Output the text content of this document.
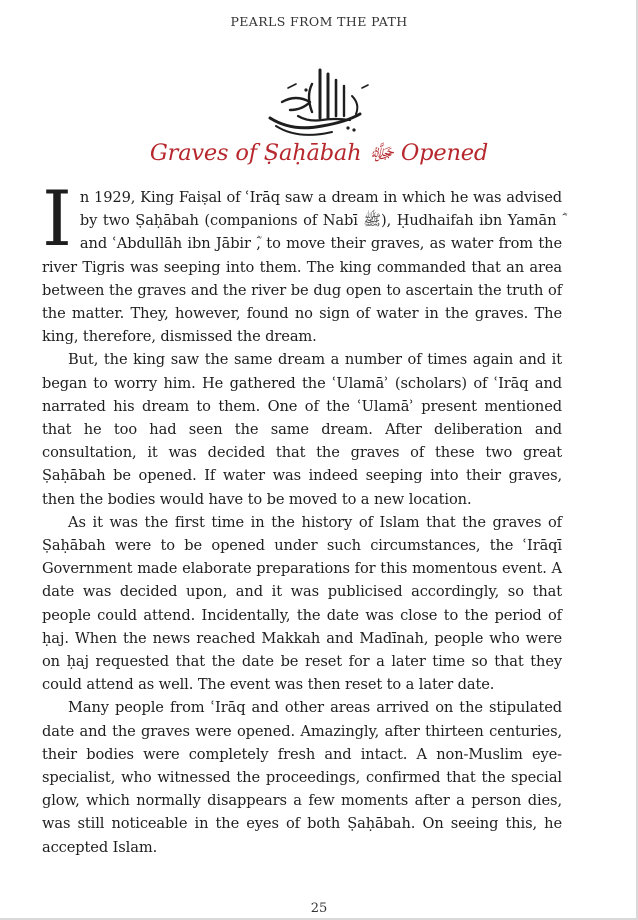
PEARLS FROM THE PATH
Graves of Ṣaḥābah ﷻ Opened

In 1929, King Faiṣal of ʿIrāq saw a dream in which he was advised by two Ṣaḥābah (companions of Nabī ﷺ), Ḥudhaifah ibn Yamān ؓ and ʿAbdullāh ibn Jābir ؓ, to move their graves, as water from the river Tigris was seeping into them. The king commanded that an area between the graves and the river be dug open to ascertain the truth of the matter. They, however, found no sign of water in the graves. The king, therefore, dismissed the dream.

But, the king saw the same dream a number of times again and it began to worry him. He gathered the ʿUlamāʾ (scholars) of ʿIrāq and narrated his dream to them. One of the ʿUlamāʾ present mentioned that he too had seen the same dream. After deliberation and consultation, it was decided that the graves of these two great Ṣaḥābah be opened. If water was indeed seeping into their graves, then the bodies would have to be moved to a new location.

As it was the first time in the history of Islam that the graves of Ṣaḥābah were to be opened under such circumstances, the ʿIrāqī Government made elaborate preparations for this momentous event. A date was decided upon, and it was publicised accordingly, so that people could attend. Incidentally, the date was close to the period of ḥaj. When the news reached Makkah and Madīnah, people who were on ḥaj requested that the date be reset for a later time so that they could attend as well. The event was then reset to a later date.

Many people from ʿIrāq and other areas arrived on the stipulated date and the graves were opened. Amazingly, after thirteen centuries, their bodies were completely fresh and intact. A non-Muslim eye-specialist, who witnessed the proceedings, confirmed that the special glow, which normally disappears a few moments after a person dies, was still noticeable in the eyes of both Ṣaḥābah. On seeing this, he accepted Islam.

25
